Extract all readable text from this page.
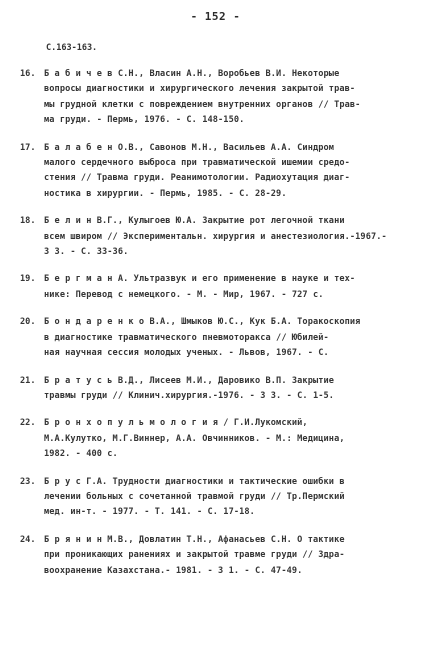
- 152 -
С.163-163.
16. Б а б и ч е в С.Н., Власин А.Н., Воробьев В.И. Некоторые
вопросы диагностики и хирургического лечения закрытой трав-
мы грудной клетки с повреждением внутренних органов // Трав-
ма груди. - Пермь, 1976. - С. 148-150.
17. Б а л а б е н О.В., Савонов М.Н., Васильев А.А. Синдром
малого сердечного выброса при травматической ишемии средо-
стения // Травма груди. Реанимотологии. Радиохутация диаг-
ностика в хирургии. - Пермь, 1985. - С. 28-29.
18. Б е л и н В.Г., Кулыгоев Ю.А. Закрытие рот легочной ткани
всем швиром // Экспериментальн. хирургия и анестезиология.-1967.-
З 3. - С. 33-36.
19. Б е р г м а н А. Ультразвук и его применение в науке и тех-
нике: Перевод с немецкого. - М. - Мир, 1967. - 727 с.
20. Б о н д а р е н к о В.А., Шмыков Ю.С., Кук Б.А. Торакоскопия
в диагностике травматического пневмоторакса // Юбилей-
ная научная сессия молодых ученых. - Львов, 1967. - С.
21. Б р а т у с ь В.Д., Лисеев М.И., Даровико В.П. Закрытие
травмы груди // Клинич.хирургия.-1976. - З 3. - С. 1-5.
22. Б р о н х о п у л ь м о л о г и я / Г.И.Лукомский,
М.А.Кулутко, М.Г.Виннер, А.А. Овчинников. - М.: Медицина,
1982. - 400 с.
23. Б р у с Г.А. Трудности диагностики и тактические ошибки в
лечении больных с сочетанной травмой груди // Тр.Пермский
мед. ин-т. - 1977. - Т. 141. - С. 17-18.
24. Б р я н и н М.В., Довлатин Т.Н., Афанасьев С.Н. О тактике
при проникающих ранениях и закрытой травме груди // Здра-
воохранение Казахстана.- 1981. - З 1. - С. 47-49.
